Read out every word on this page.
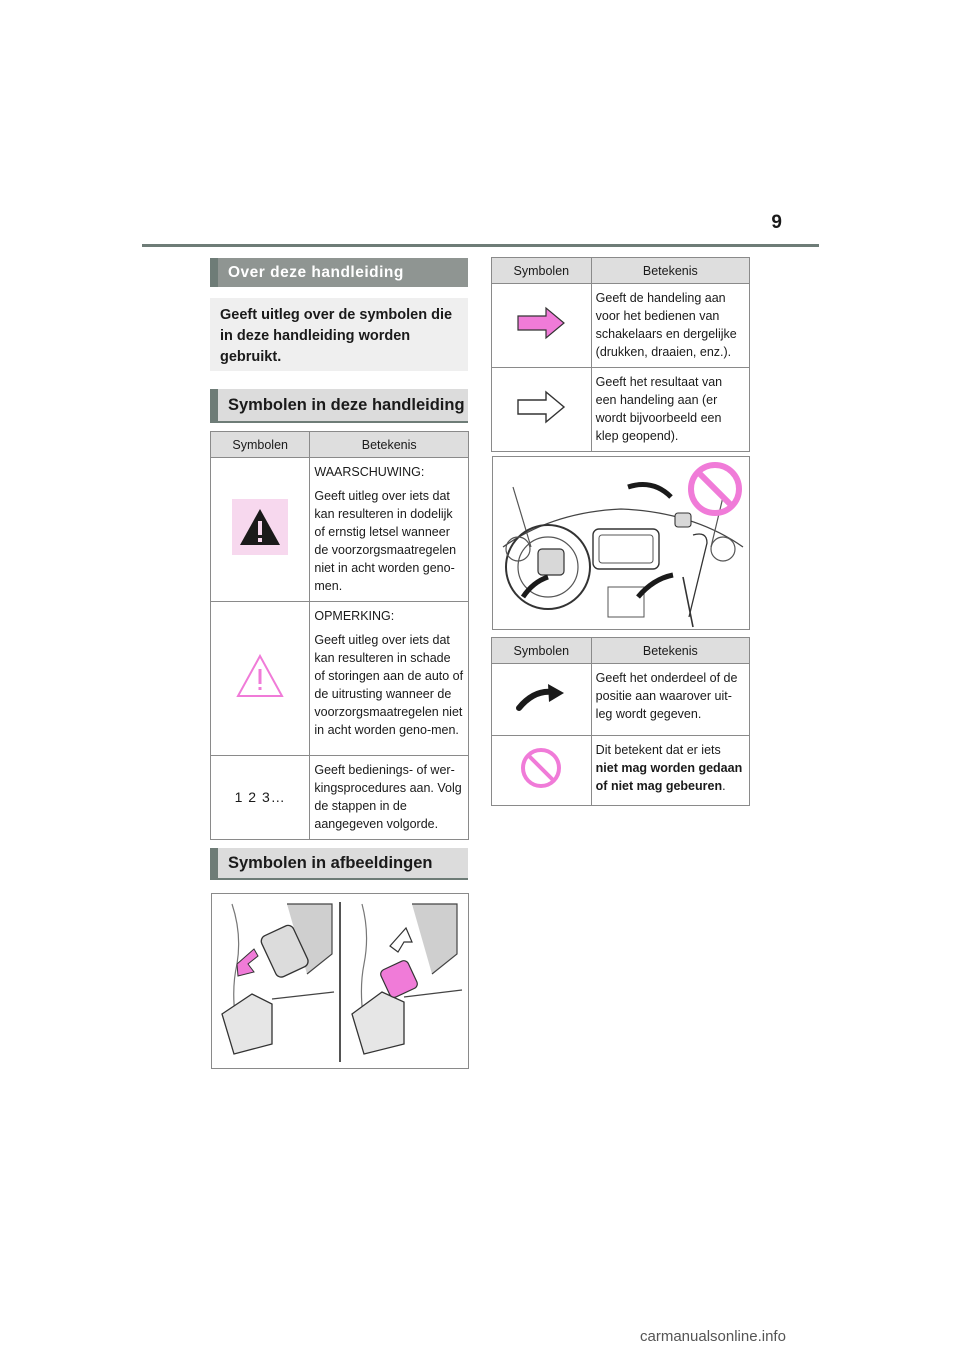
9
Over deze handleiding
Geeft uitleg over de symbolen die in deze handleiding worden gebruikt.
Symbolen in deze handleiding
Symbolen	Betekenis

WAARSCHUWING:
Geeft uitleg over iets dat kan resulteren in dodelijk of ernstig letsel wanneer de voorzorgsmaatregelen niet in acht worden geno-men.

OPMERKING:
Geeft uitleg over iets dat kan resulteren in schade of storingen aan de auto of de uitrusting wanneer de voorzorgsmaatregelen niet in acht worden geno-men.
1 2 3…	Geeft bedienings- of wer-kingsprocedures aan. Volg de stappen in de aangegeven volgorde.
Symbolen in afbeeldingen
Symbolen	Betekenis
	Geeft de handeling aan voor het bedienen van schakelaars en dergelijke (drukken, draaien, enz.).
	Geeft het resultaat van een handeling aan (er wordt bijvoorbeeld een klep geopend).
Symbolen	Betekenis
	Geeft het onderdeel of de positie aan waarover uit-leg wordt gegeven.
	Dit betekent dat er iets niet mag worden gedaan of niet mag gebeuren.
carmanualsonline.info
